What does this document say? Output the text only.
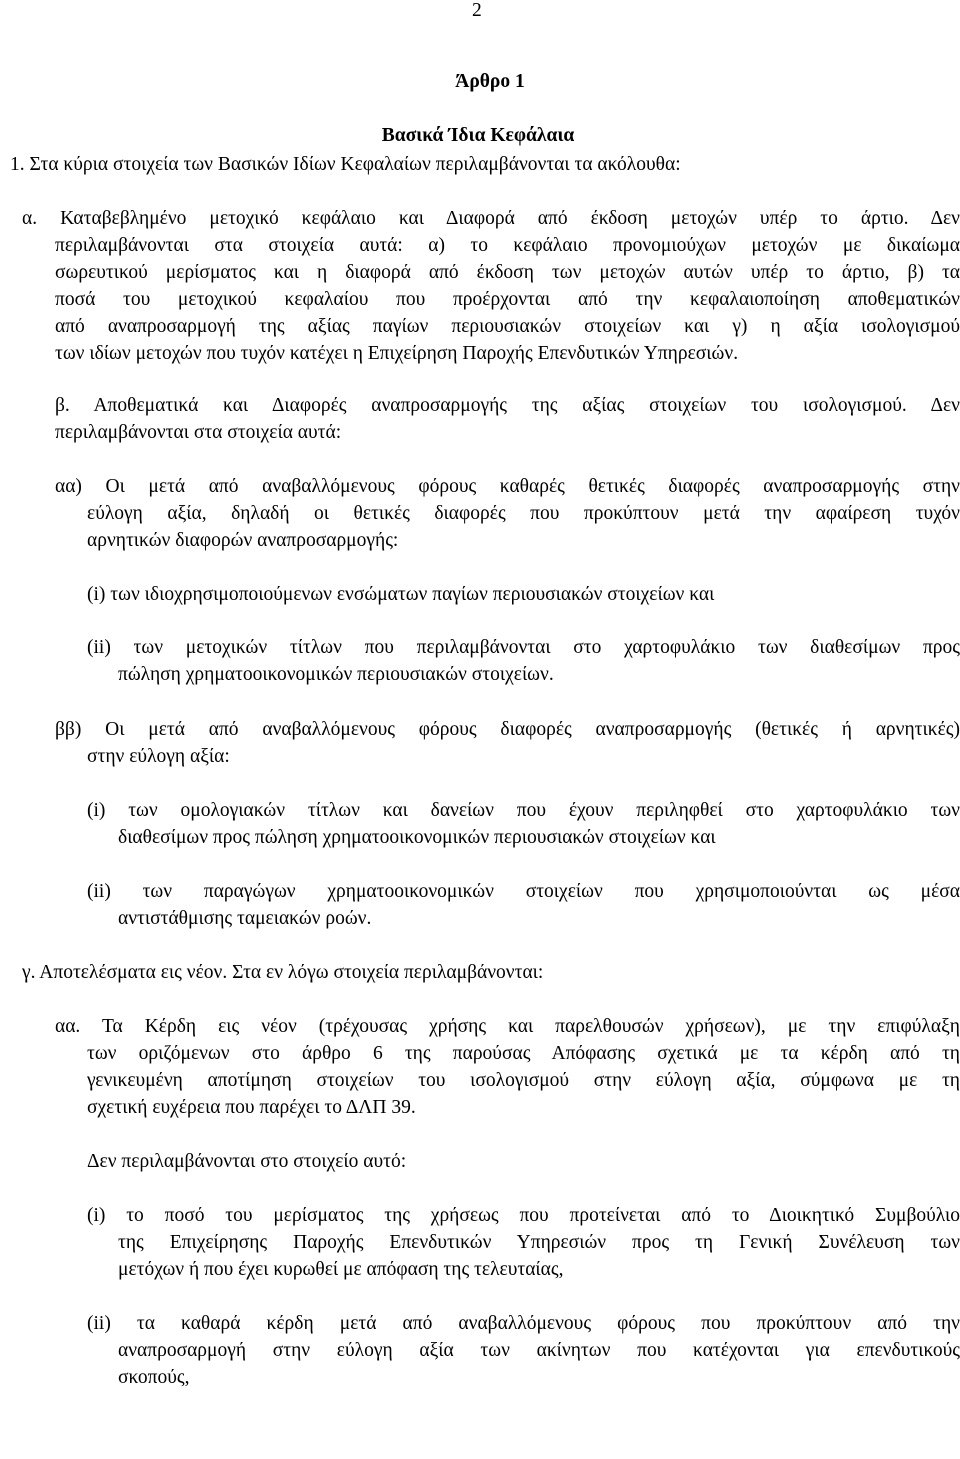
2
Άρθρο 1
Βασικά Ίδια Κεφάλαια
1. Στα κύρια στοιχεία των Βασικών Ιδίων Κεφαλαίων περιλαμβάνονται τα ακόλουθα:
α. Καταβεβλημένο μετοχικό κεφάλαιο και Διαφορά από έκδοση μετοχών υπέρ το άρτιο. Δεν
περιλαμβάνονται στα στοιχεία αυτά: α) το κεφάλαιο προνομιούχων μετοχών με δικαίωμα
σωρευτικού μερίσματος και η διαφορά από έκδοση των μετοχών αυτών υπέρ το άρτιο, β) τα
ποσά του μετοχικού κεφαλαίου που προέρχονται από την κεφαλαιοποίηση αποθεματικών
από αναπροσαρμογή της αξίας παγίων περιουσιακών στοιχείων και γ) η αξία ισολογισμού
των ιδίων μετοχών που τυχόν κατέχει η Επιχείρηση Παροχής Επενδυτικών Υπηρεσιών.
β. Αποθεματικά και Διαφορές αναπροσαρμογής της αξίας στοιχείων του ισολογισμού. Δεν
περιλαμβάνονται στα στοιχεία αυτά:
αα) Οι μετά από αναβαλλόμενους φόρους καθαρές θετικές διαφορές αναπροσαρμογής στην
εύλογη αξία, δηλαδή οι θετικές διαφορές που προκύπτουν μετά την αφαίρεση τυχόν
αρνητικών διαφορών αναπροσαρμογής:
(i) των ιδιοχρησιμοποιούμενων ενσώματων παγίων περιουσιακών στοιχείων και
(ii) των μετοχικών τίτλων που περιλαμβάνονται στο χαρτοφυλάκιο των διαθεσίμων προς
πώληση χρηματοοικονομικών περιουσιακών στοιχείων.
ββ) Οι μετά από αναβαλλόμενους φόρους διαφορές αναπροσαρμογής (θετικές ή αρνητικές)
στην εύλογη αξία:
(i) των ομολογιακών τίτλων και δανείων που έχουν περιληφθεί στο χαρτοφυλάκιο των
διαθεσίμων προς πώληση χρηματοοικονομικών περιουσιακών στοιχείων και
(ii) των παραγώγων χρηματοοικονομικών στοιχείων που χρησιμοποιούνται ως μέσα
αντιστάθμισης ταμειακών ροών.
γ. Αποτελέσματα εις νέον. Στα εν λόγω στοιχεία περιλαμβάνονται:
αα. Τα Κέρδη εις νέον (τρέχουσας χρήσης και παρελθουσών χρήσεων), με την επιφύλαξη
των οριζόμενων στο άρθρο 6 της παρούσας Απόφασης σχετικά με τα κέρδη από τη
γενικευμένη αποτίμηση στοιχείων του ισολογισμού στην εύλογη αξία, σύμφωνα με τη
σχετική ευχέρεια που παρέχει το ΔΛΠ 39.
Δεν περιλαμβάνονται στο στοιχείο αυτό:
(i) το ποσό του μερίσματος της χρήσεως που προτείνεται από το Διοικητικό Συμβούλιο
της Επιχείρησης Παροχής Επενδυτικών Υπηρεσιών προς τη Γενική Συνέλευση των
μετόχων ή που έχει κυρωθεί με απόφαση της τελευταίας,
(ii) τα καθαρά κέρδη μετά από αναβαλλόμενους φόρους που προκύπτουν από την
αναπροσαρμογή στην εύλογη αξία των ακίνητων που κατέχονται για επενδυτικούς
σκοπούς,
